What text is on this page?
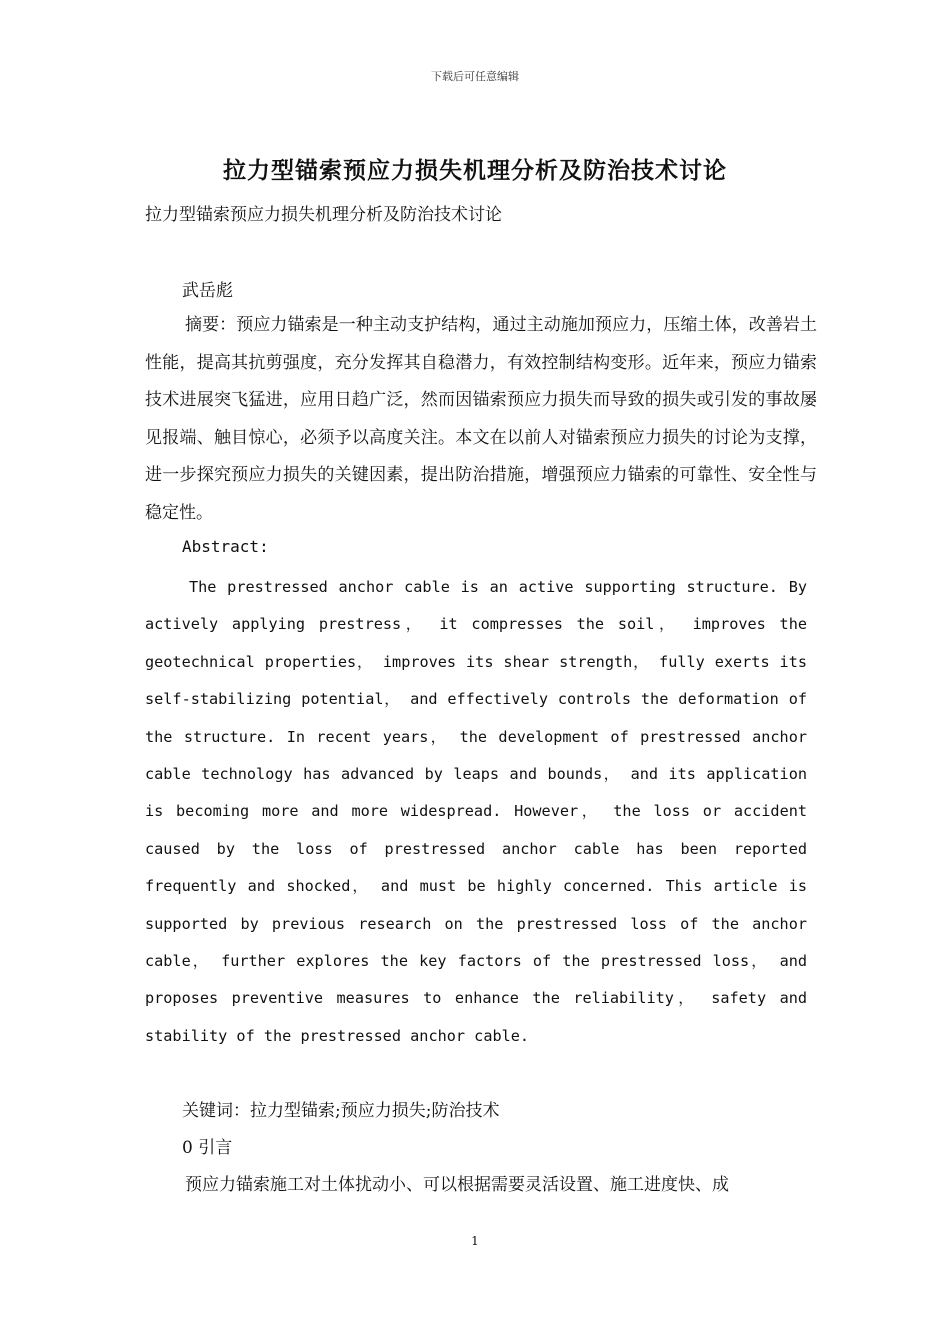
下载后可任意编辑
拉力型锚索预应力损失机理分析及防治技术讨论
拉力型锚索预应力损失机理分析及防治技术讨论
武岳彪
摘要：预应力锚索是一种主动支护结构，通过主动施加预应力，压缩土体，改善岩土性能，提高其抗剪强度，充分发挥其自稳潜力，有效控制结构变形。近年来，预应力锚索技术进展突飞猛进，应用日趋广泛，然而因锚索预应力损失而导致的损失或引发的事故屡见报端、触目惊心，必须予以高度关注。本文在以前人对锚索预应力损失的讨论为支撑，进一步探究预应力损失的关键因素，提出防治措施，增强预应力锚索的可靠性、安全性与稳定性。
Abstract:
The prestressed anchor cable is an active supporting structure. By actively applying prestress， it compresses the soil， improves the geotechnical properties， improves its shear strength， fully exerts its self-stabilizing potential， and effectively controls the deformation of the structure. In recent years， the development of prestressed anchor cable technology has advanced by leaps and bounds， and its application is becoming more and more widespread. However， the loss or accident caused by the loss of prestressed anchor cable has been reported frequently and shocked， and must be highly concerned. This article is supported by previous research on the prestressed loss of the anchor cable， further explores the key factors of the prestressed loss， and proposes preventive measures to enhance the reliability， safety and stability of the prestressed anchor cable.
关键词：拉力型锚索;预应力损失;防治技术
0 引言
预应力锚索施工对土体扰动小、可以根据需要灵活设置、施工进度快、成
1
